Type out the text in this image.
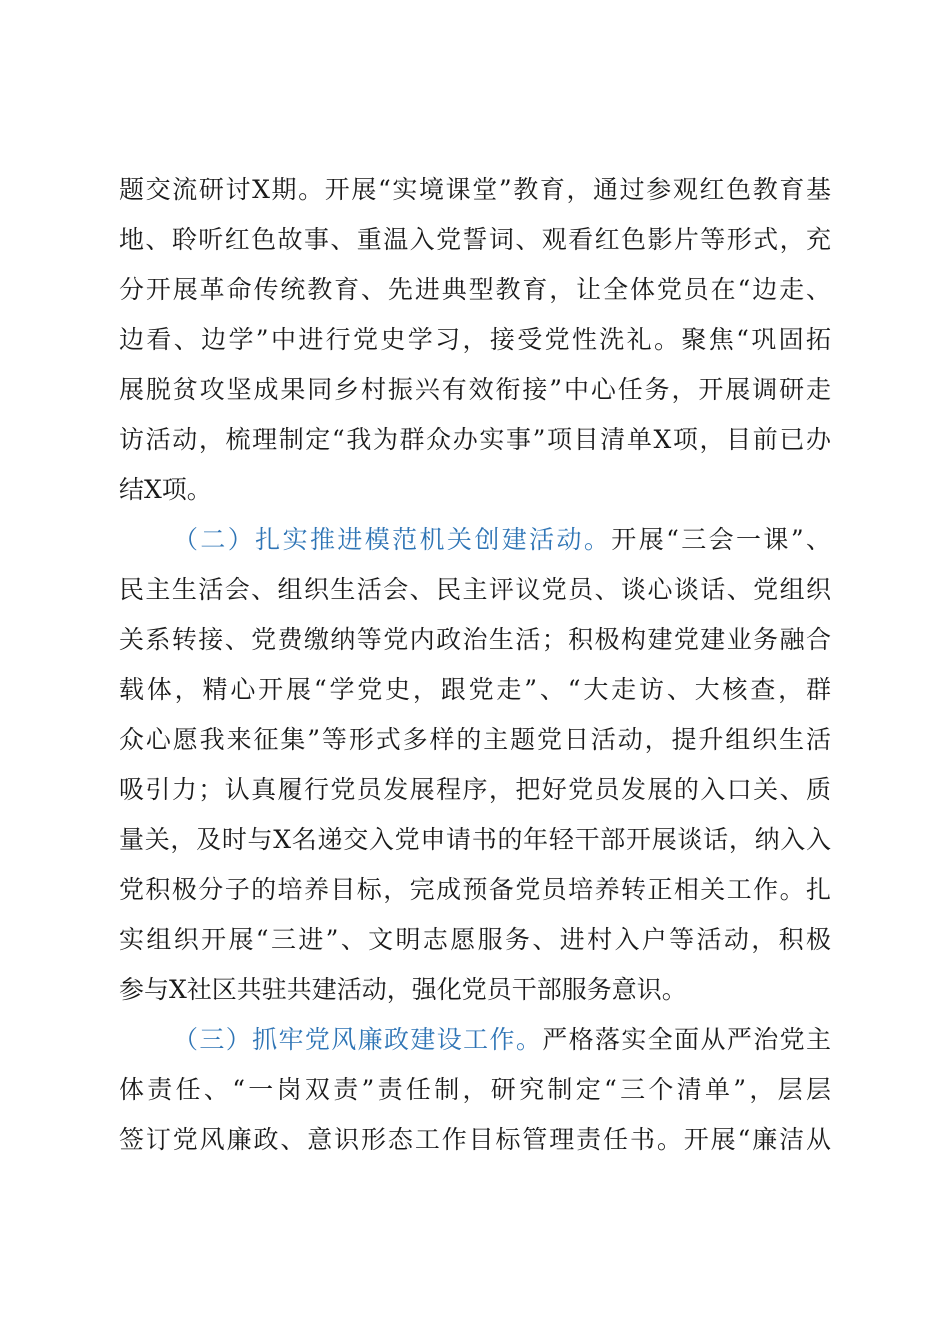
题交流研讨X期。开展“实境课堂”教育，通过参观红色教育基
地、聆听红色故事、重温入党誓词、观看红色影片等形式，充
分开展革命传统教育、先进典型教育，让全体党员在“边走、
边看、边学”中进行党史学习，接受党性洗礼。聚焦“巩固拓
展脱贫攻坚成果同乡村振兴有效衔接”中心任务，开展调研走
访活动，梳理制定“我为群众办实事”项目清单X项，目前已办
结X项。
（二）扎实推进模范机关创建活动。开展“三会一课”、
民主生活会、组织生活会、民主评议党员、谈心谈话、党组织
关系转接、党费缴纳等党内政治生活；积极构建党建业务融合
载体，精心开展“学党史，跟党走”、“大走访、大核查，群
众心愿我来征集”等形式多样的主题党日活动，提升组织生活
吸引力；认真履行党员发展程序，把好党员发展的入口关、质
量关，及时与X名递交入党申请书的年轻干部开展谈话，纳入入
党积极分子的培养目标，完成预备党员培养转正相关工作。扎
实组织开展“三进”、文明志愿服务、进村入户等活动，积极
参与X社区共驻共建活动，强化党员干部服务意识。
（三）抓牢党风廉政建设工作。严格落实全面从严治党主
体责任、“一岗双责”责任制，研究制定“三个清单”，层层
签订党风廉政、意识形态工作目标管理责任书。开展“廉洁从
